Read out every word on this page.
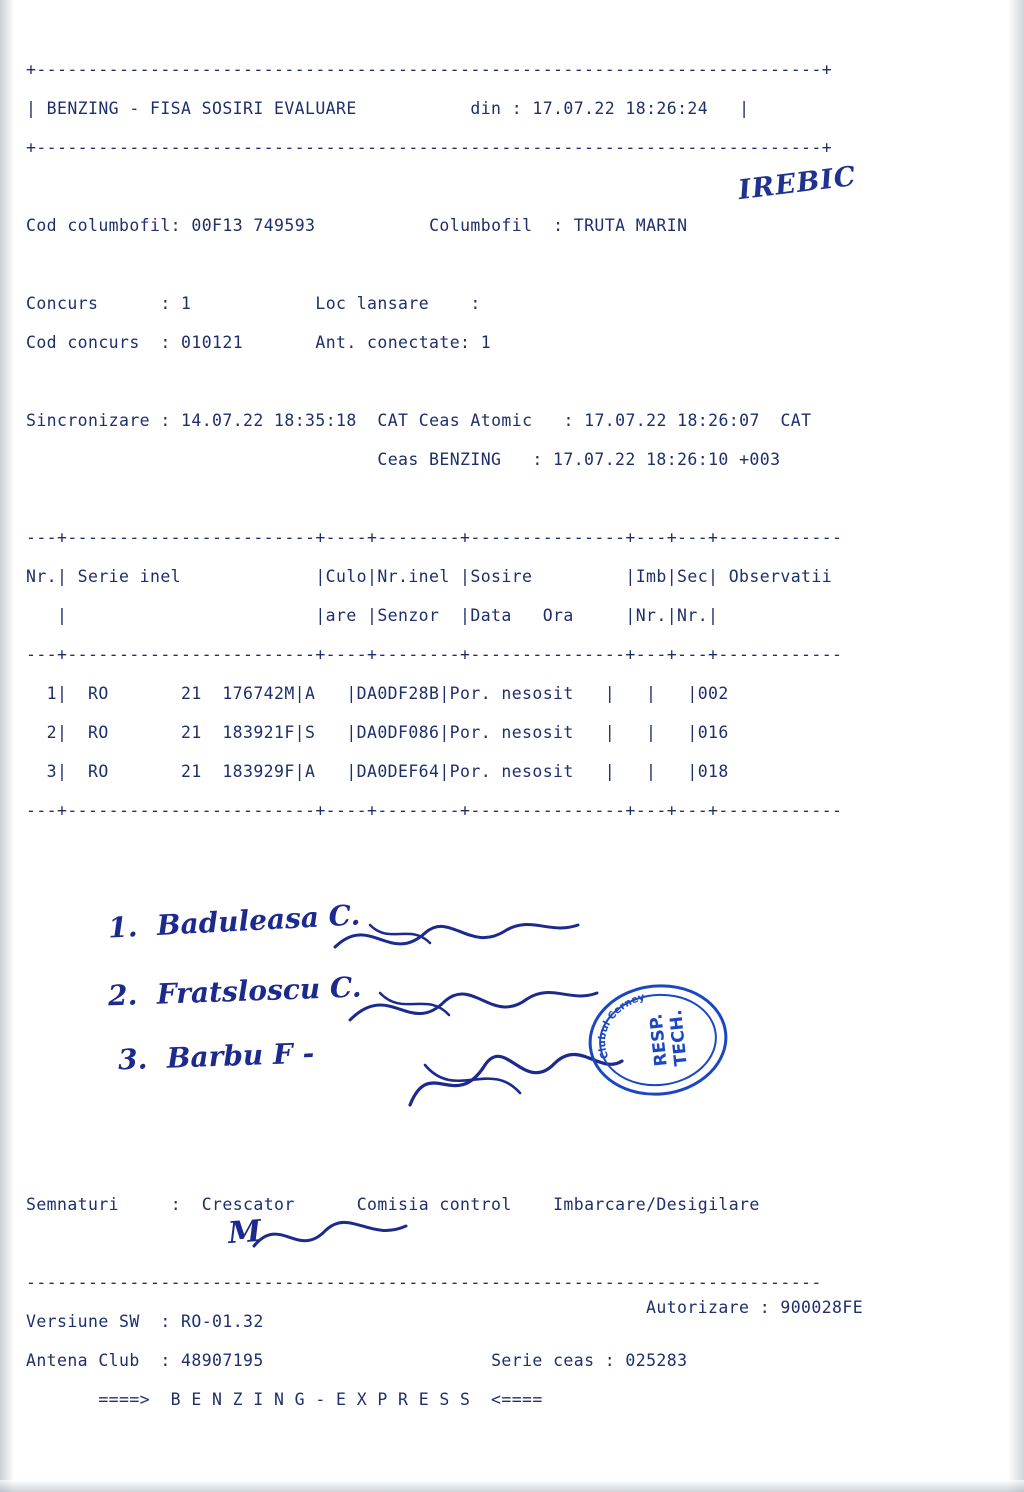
+----------------------------------------------------------------------------+

| BENZING - FISA SOSIRI EVALUARE	din : 17.07.22 18:26:24   |

+----------------------------------------------------------------------------+

Cod columbofil: 00F13 749593	Columbofil : TRUTA MARIN

Concurs	: 1	Loc lansare	:

Cod concurs : 010121	Ant. conectate: 1

Sincronizare : 14.07.22 18:35:18 CAT Ceas Atomic : 17.07.22 18:26:07 CAT

Ceas BENZING : 17.07.22 18:26:10 +003

---+------------------------+----+--------+---------------+---+---+------------

Nr.| Serie inel             |Culo|Nr.inel |Sosire         |Imb|Sec| Observatii

|                        |are |Senzor  |Data   Ora     |Nr.|Nr.|

---+------------------------+----+--------+---------------+---+---+------------

1|  RO       21  176742M|A   |DA0DF28B|Por. nesosit   |   |   |002

2|  RO       21  183921F|S   |DA0DF086|Por. nesosit   |   |   |016

3|  RO       21  183929F|A   |DA0DEF64|Por. nesosit   |   |   |018

---+------------------------+----+--------+---------------+---+---+------------

IREBIC
1.  Baduleasa C.
2.  Fratsloscu C.
3.  Barbu F -	Clubul Cerney
RESP.
TECH.

Semnaturi	:  Crescator	Comisia control	Imbarcare/Desigilare

-----------------------------------------------------------------------------

Versiune SW : RO-01.32

Antena Club : 48907195	Serie ceas : 025283

====>  B E N Z I N G - E X P R E S S  <====

Autorizare : 900028FE

M
